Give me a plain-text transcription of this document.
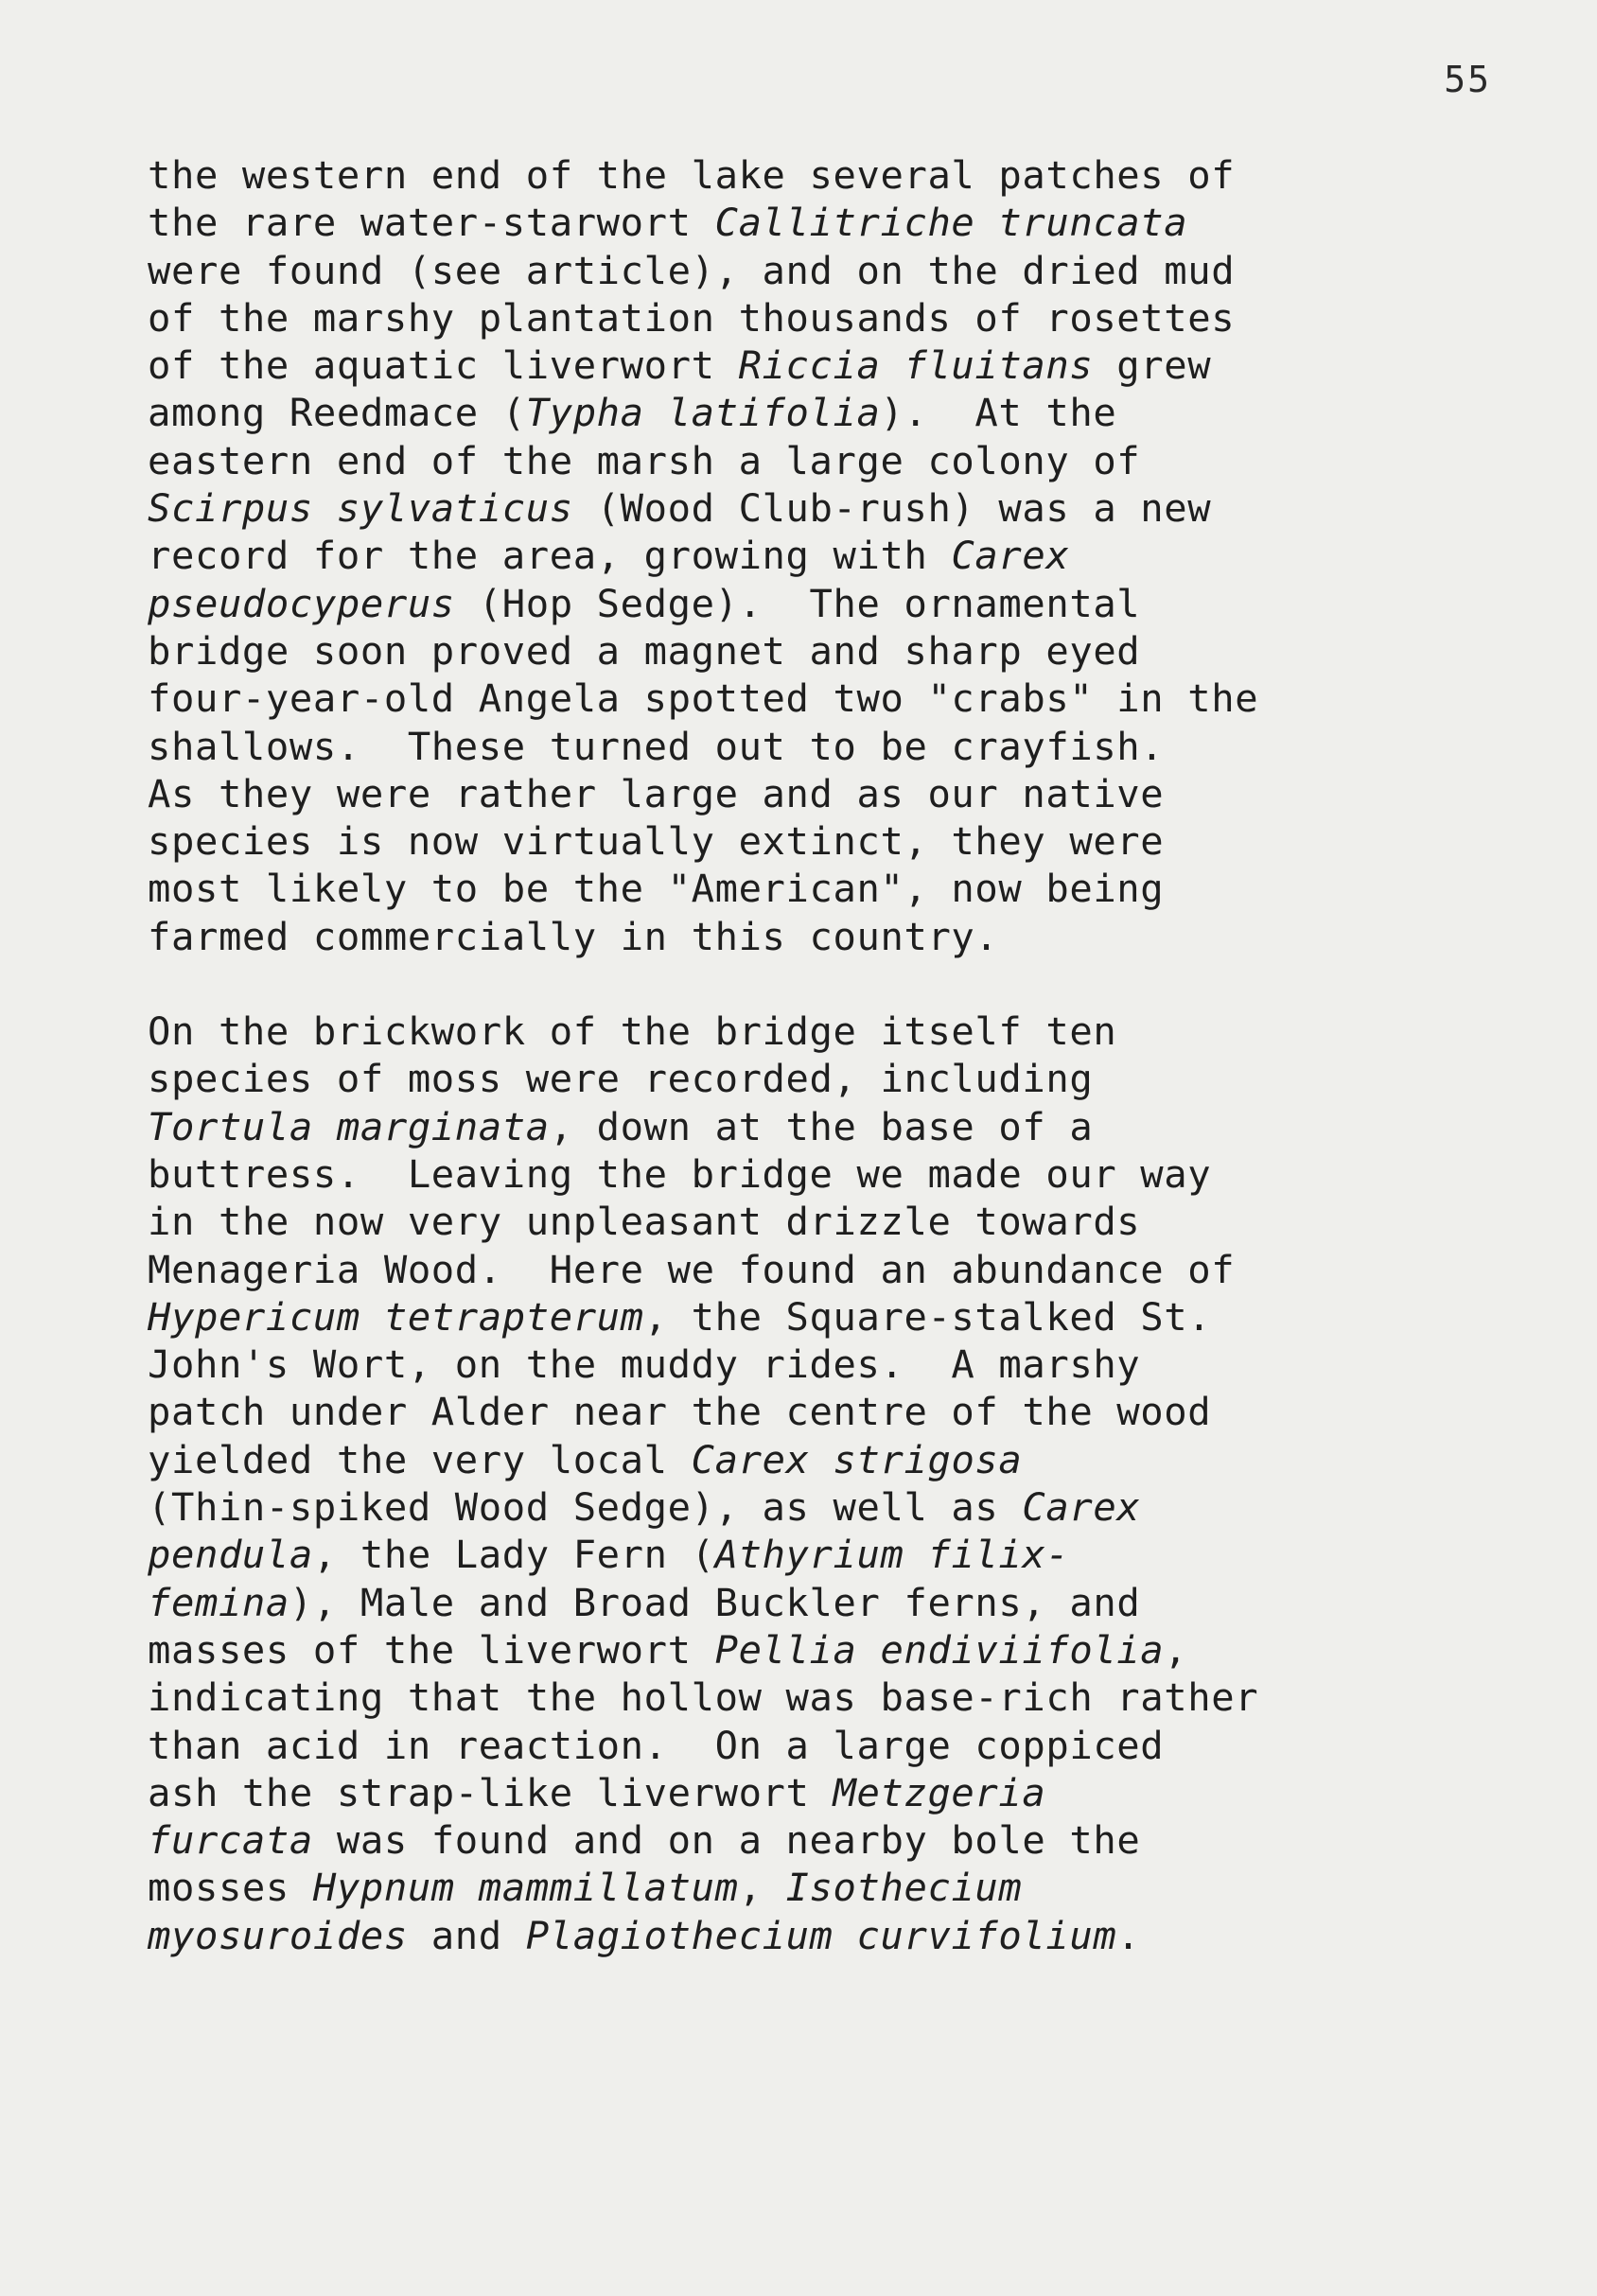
55
the western end of the lake several patches of
the rare water-starwort Callitriche truncata
were found (see article), and on the dried mud
of the marshy plantation thousands of rosettes
of the aquatic liverwort Riccia fluitans grew
among Reedmace (Typha latifolia).  At the
eastern end of the marsh a large colony of
Scirpus sylvaticus (Wood Club-rush) was a new
record for the area, growing with Carex
pseudocyperus (Hop Sedge).  The ornamental
bridge soon proved a magnet and sharp eyed
four-year-old Angela spotted two "crabs" in the
shallows.  These turned out to be crayfish.
As they were rather large and as our native
species is now virtually extinct, they were
most likely to be the "American", now being
farmed commercially in this country.
On the brickwork of the bridge itself ten
species of moss were recorded, including
Tortula marginata, down at the base of a
buttress.  Leaving the bridge we made our way
in the now very unpleasant drizzle towards
Menageria Wood.  Here we found an abundance of
Hypericum tetrapterum, the Square-stalked St.
John's Wort, on the muddy rides.  A marshy
patch under Alder near the centre of the wood
yielded the very local Carex strigosa
(Thin-spiked Wood Sedge), as well as Carex
pendula, the Lady Fern (Athyrium filix-
femina), Male and Broad Buckler ferns, and
masses of the liverwort Pellia endiviifolia,
indicating that the hollow was base-rich rather
than acid in reaction.  On a large coppiced
ash the strap-like liverwort Metzgeria
furcata was found and on a nearby bole the
mosses Hypnum mammillatum, Isothecium
myosuroides and Plagiothecium curvifolium.
